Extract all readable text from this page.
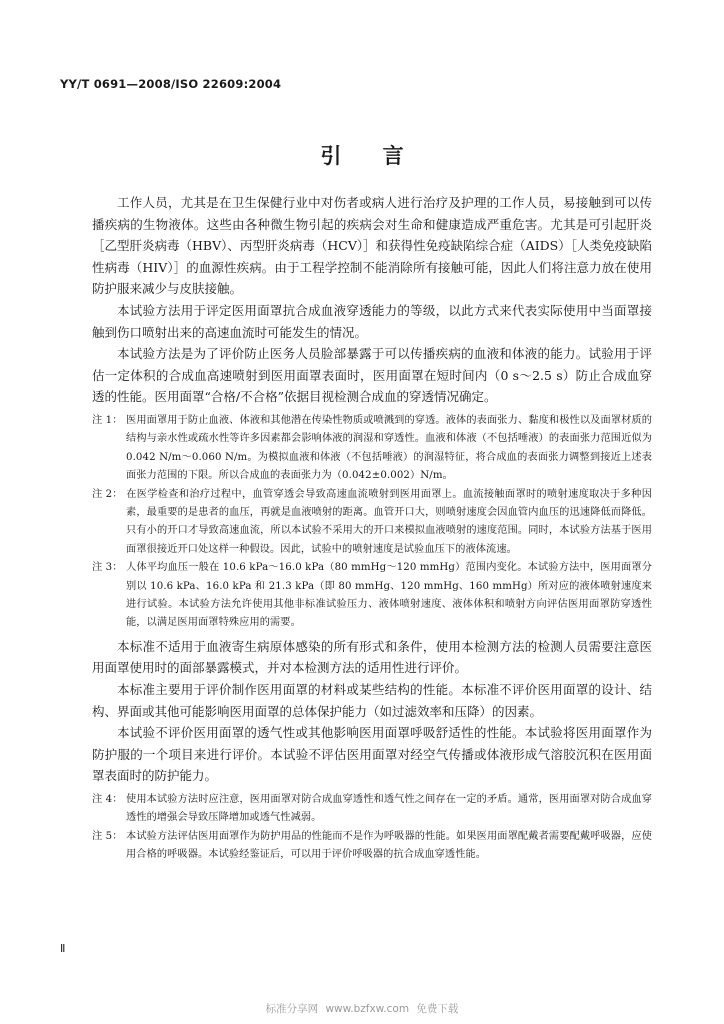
YY/T 0691—2008/ISO 22609:2004
引 言

工作人员，尤其是在卫生保健行业中对伤者或病人进行治疗及护理的工作人员，易接触到可以传播疾病的生物液体。这些由各种微生物引起的疾病会对生命和健康造成严重危害。尤其是可引起肝炎［乙型肝炎病毒（HBV）、丙型肝炎病毒（HCV）］和获得性免疫缺陷综合症（AIDS）［人类免疫缺陷性病毒（HIV）］的血源性疾病。由于工程学控制不能消除所有接触可能，因此人们将注意力放在使用防护服来减少与皮肤接触。

本试验方法用于评定医用面罩抗合成血液穿透能力的等级，以此方式来代表实际使用中当面罩接触到伤口喷射出来的高速血流时可能发生的情况。

本试验方法是为了评价防止医务人员脸部暴露于可以传播疾病的血液和体液的能力。试验用于评估一定体积的合成血高速喷射到医用面罩表面时，医用面罩在短时间内（0 s～2.5 s）防止合成血穿透的性能。医用面罩“合格/不合格”依据目视检测合成血的穿透情况确定。

注 1： 医用面罩用于防止血液、体液和其他潜在传染性物质或喷溅到的穿透。液体的表面张力、黏度和极性以及面罩材质的结构与亲水性或疏水性等许多因素都会影响体液的润湿和穿透性。血液和体液（不包括唾液）的表面张力范围近似为 0.042 N/m～0.060 N/m。为模拟血液和体液（不包括唾液）的润湿特征，将合成血的表面张力调整到接近上述表面张力范围的下限。所以合成血的表面张力为（0.042±0.002）N/m。

注 2： 在医学检查和治疗过程中，血管穿透会导致高速血流喷射到医用面罩上。血流接触面罩时的喷射速度取决于多种因素，最重要的是患者的血压，再就是血液喷射的距离。血管开口大，则喷射速度会因血管内血压的迅速降低而降低。只有小的开口才导致高速血流，所以本试验不采用大的开口来模拟血液喷射的速度范围。同时，本试验方法基于医用面罩很接近开口处这样一种假设。因此，试验中的喷射速度是试验血压下的液体流速。

注 3： 人体平均血压一般在 10.6 kPa～16.0 kPa（80 mmHg～120 mmHg）范围内变化。本试验方法中，医用面罩分别以 10.6 kPa、16.0 kPa 和 21.3 kPa（即 80 mmHg、120 mmHg、160 mmHg）所对应的液体喷射速度来进行试验。本试验方法允许使用其他非标准试验压力、液体喷射速度、液体体积和喷射方向评估医用面罩防穿透性能，以满足医用面罩特殊应用的需要。

本标准不适用于血液寄生病原体感染的所有形式和条件，使用本检测方法的检测人员需要注意医用面罩使用时的面部暴露模式，并对本检测方法的适用性进行评价。

本标准主要用于评价制作医用面罩的材料或某些结构的性能。本标准不评价医用面罩的设计、结构、界面或其他可能影响医用面罩的总体保护能力（如过滤效率和压降）的因素。

本试验不评价医用面罩的透气性或其他影响医用面罩呼吸舒适性的性能。本试验将医用面罩作为防护服的一个项目来进行评价。本试验不评估医用面罩对经空气传播或体液形成气溶胶沉积在医用面罩表面时的防护能力。

注 4： 使用本试验方法时应注意，医用面罩对防合成血穿透性和透气性之间存在一定的矛盾。通常，医用面罩对防合成血穿透性的增强会导致压降增加或透气性减弱。

注 5： 本试验方法评估医用面罩作为防护用品的性能而不是作为呼吸器的性能。如果医用面罩配戴者需要配戴呼吸器，应使用合格的呼吸器。本试验经鉴证后，可以用于评价呼吸器的抗合成血穿透性能。

Ⅱ
标准分享网 www.bzfxw.com 免费下载
